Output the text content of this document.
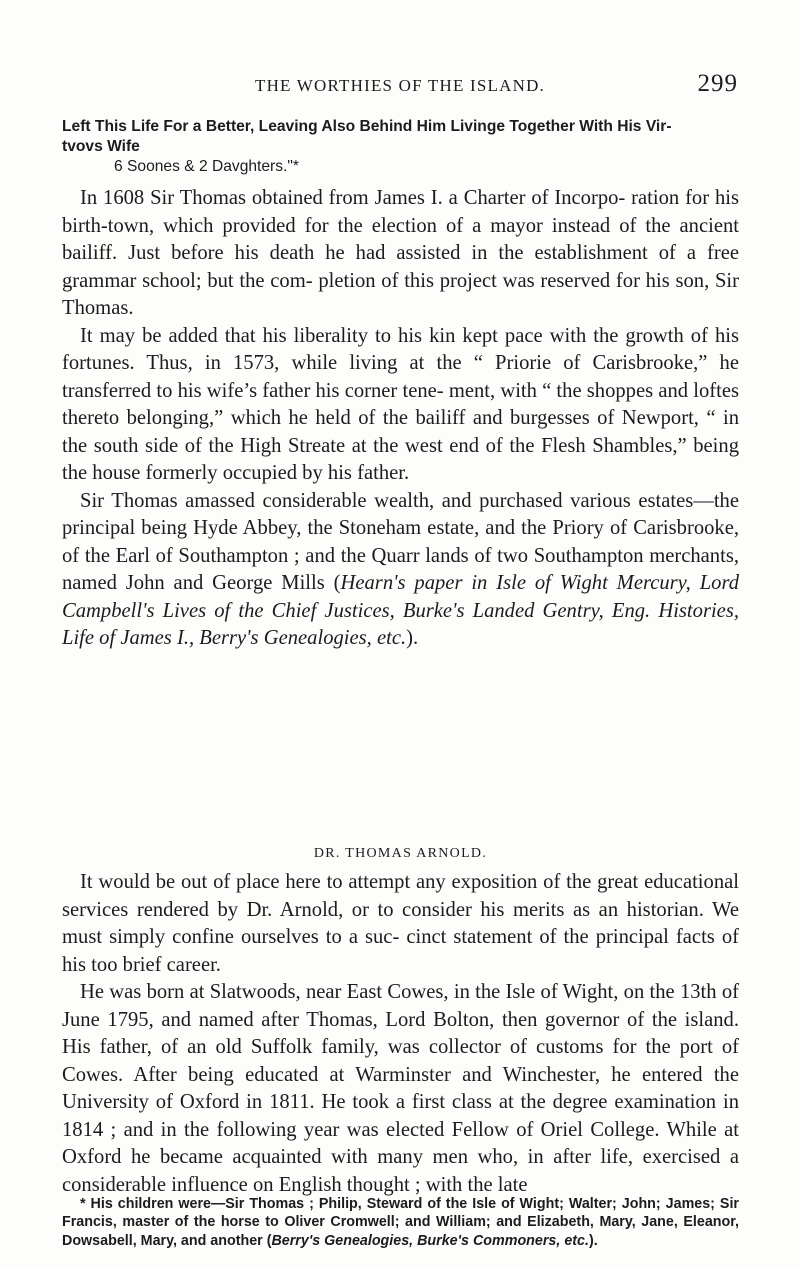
THE WORTHIES OF THE ISLAND.	299
Left This Life For a Better, Leaving Also Behind Him Livinge Together With His Vir-
tvovs Wife
6 Soones & 2 Davghters."*

In 1608 Sir Thomas obtained from James I. a Charter of Incorpo- ration for his birth-town, which provided for the election of a mayor instead of the ancient bailiff. Just before his death he had assisted in the establishment of a free grammar school; but the com- pletion of this project was reserved for his son, Sir Thomas.

It may be added that his liberality to his kin kept pace with the growth of his fortunes. Thus, in 1573, while living at the “ Priorie of Carisbrooke,” he transferred to his wife’s father his corner tene- ment, with “ the shoppes and loftes thereto belonging,” which he held of the bailiff and burgesses of Newport, “ in the south side of the High Streate at the west end of the Flesh Shambles,” being the house formerly occupied by his father.

Sir Thomas amassed considerable wealth, and purchased various estates—the principal being Hyde Abbey, the Stoneham estate, and the Priory of Carisbrooke, of the Earl of Southampton ; and the Quarr lands of two Southampton merchants, named John and George Mills (Hearn's paper in Isle of Wight Mercury, Lord Campbell's Lives of the Chief Justices, Burke's Landed Gentry, Eng. Histories, Life of James I., Berry's Genealogies, etc.).

DR. THOMAS ARNOLD.

It would be out of place here to attempt any exposition of the great educational services rendered by Dr. Arnold, or to consider his merits as an historian. We must simply confine ourselves to a suc- cinct statement of the principal facts of his too brief career.

He was born at Slatwoods, near East Cowes, in the Isle of Wight, on the 13th of June 1795, and named after Thomas, Lord Bolton, then governor of the island. His father, of an old Suffolk family, was collector of customs for the port of Cowes. After being educated at Warminster and Winchester, he entered the University of Oxford in 1811. He took a first class at the degree examination in 1814 ; and in the following year was elected Fellow of Oriel College. While at Oxford he became acquainted with many men who, in after life, exercised a considerable influence on English thought ; with the late

* His children were—Sir Thomas ; Philip, Steward of the Isle of Wight; Walter; John; James; Sir Francis, master of the horse to Oliver Cromwell; and William; and Elizabeth, Mary, Jane, Eleanor, Dowsabell, Mary, and another (Berry's Genealogies, Burke's Commoners, etc.).
